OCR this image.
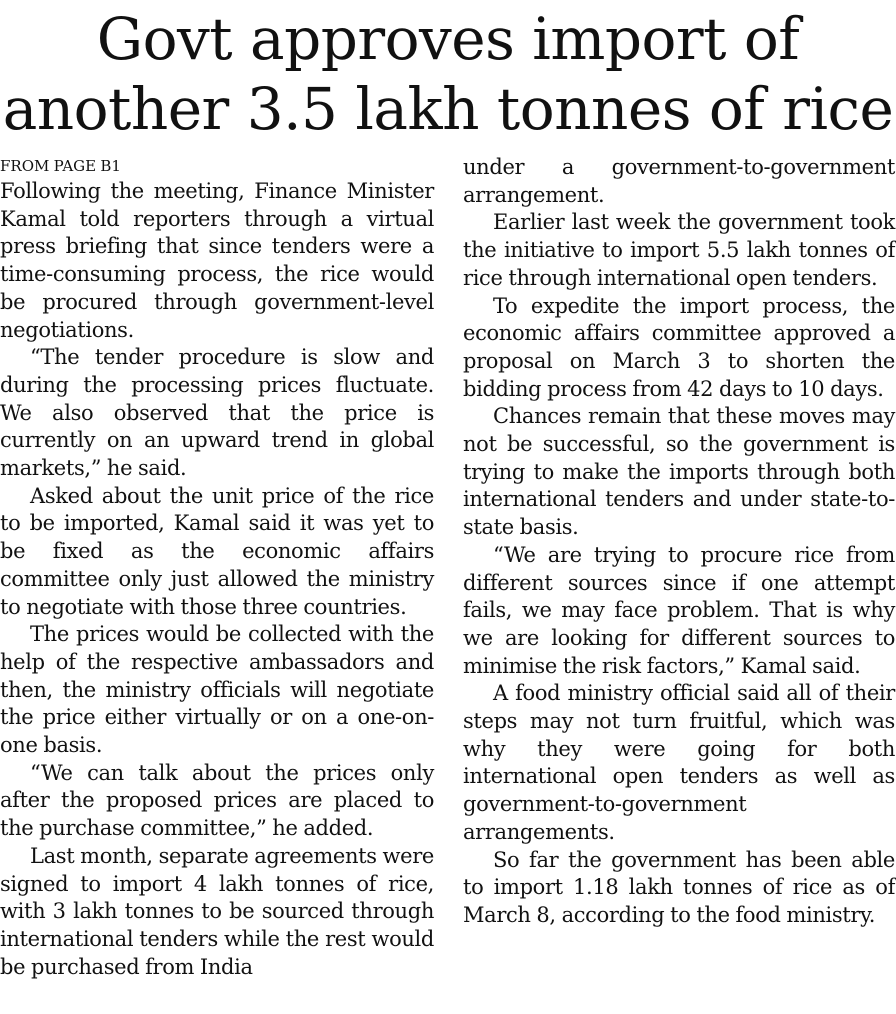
Govt approves import of
another 3.5 lakh tonnes of rice
FROM PAGE B1

Following the meeting, Finance Minister Kamal told reporters through a virtual press briefing that since tenders were a time-consuming process, the rice would be procured through government-level negotiations.

“The tender procedure is slow and during the processing prices fluctuate. We also observed that the price is currently on an upward trend in global markets,” he said.

Asked about the unit price of the rice to be imported, Kamal said it was yet to be fixed as the economic affairs committee only just allowed the ministry to negotiate with those three countries.

The prices would be collected with the help of the respective ambassadors and then, the ministry officials will negotiate the price either virtually or on a one-on-one basis.

“We can talk about the prices only after the proposed prices are placed to the purchase committee,” he added.

Last month, separate agreements were signed to import 4 lakh tonnes of rice, with 3 lakh tonnes to be sourced through international tenders while the rest would be purchased from India

under a government-to-government arrangement.

Earlier last week the government took the initiative to import 5.5 lakh tonnes of rice through international open tenders.

To expedite the import process, the economic affairs committee approved a proposal on March 3 to shorten the bidding process from 42 days to 10 days.

Chances remain that these moves may not be successful, so the government is trying to make the imports through both international tenders and under state-to-state basis.

“We are trying to procure rice from different sources since if one attempt fails, we may face problem. That is why we are looking for different sources to minimise the risk factors,” Kamal said.

A food ministry official said all of their steps may not turn fruitful, which was why they were going for both international open tenders as well as government-to-government arrangements.

So far the government has been able to import 1.18 lakh tonnes of rice as of March 8, according to the food ministry.
